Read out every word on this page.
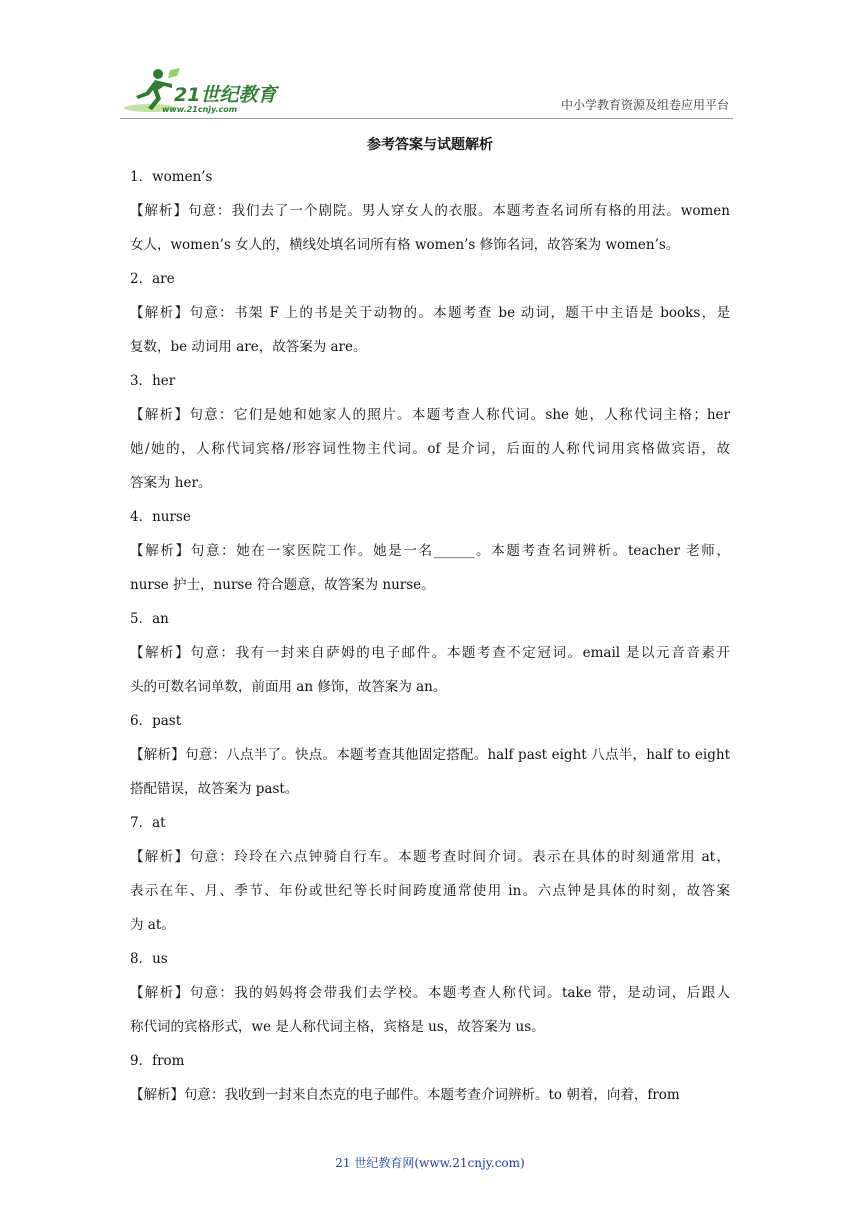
21世纪教育
www.21cnjy.com	中小学教育资源及组卷应用平台
参考答案与试题解析

1．women’s

【解析】句意：我们去了一个剧院。男人穿女人的衣服。本题考查名词所有格的用法。women

女人，women’s 女人的，横线处填名词所有格 women’s 修饰名词，故答案为 women’s。

2．are

【解析】句意：书架 F 上的书是关于动物的。本题考查 be 动词，题干中主语是 books，是

复数，be 动词用 are，故答案为 are。

3．her

【解析】句意：它们是她和她家人的照片。本题考查人称代词。she 她，人称代词主格；her

她/她的，人称代词宾格/形容词性物主代词。of 是介词，后面的人称代词用宾格做宾语，故

答案为 her。

4．nurse

【解析】句意：她在一家医院工作。她是一名______。本题考查名词辨析。teacher 老师，

nurse 护士，nurse 符合题意，故答案为 nurse。

5．an

【解析】句意：我有一封来自萨姆的电子邮件。本题考查不定冠词。email 是以元音音素开

头的可数名词单数，前面用 an 修饰，故答案为 an。

6．past

【解析】句意：八点半了。快点。本题考查其他固定搭配。half past eight 八点半，half to eight

搭配错误，故答案为 past。

7．at

【解析】句意：玲玲在六点钟骑自行车。本题考查时间介词。表示在具体的时刻通常用 at，

表示在年、月、季节、年份或世纪等长时间跨度通常使用 in。六点钟是具体的时刻，故答案

为 at。

8．us

【解析】句意：我的妈妈将会带我们去学校。本题考查人称代词。take 带，是动词，后跟人

称代词的宾格形式，we 是人称代词主格，宾格是 us，故答案为 us。

9．from

【解析】句意：我收到一封来自杰克的电子邮件。本题考查介词辨析。to 朝着，向着，from

21 世纪教育网(www.21cnjy.com)
